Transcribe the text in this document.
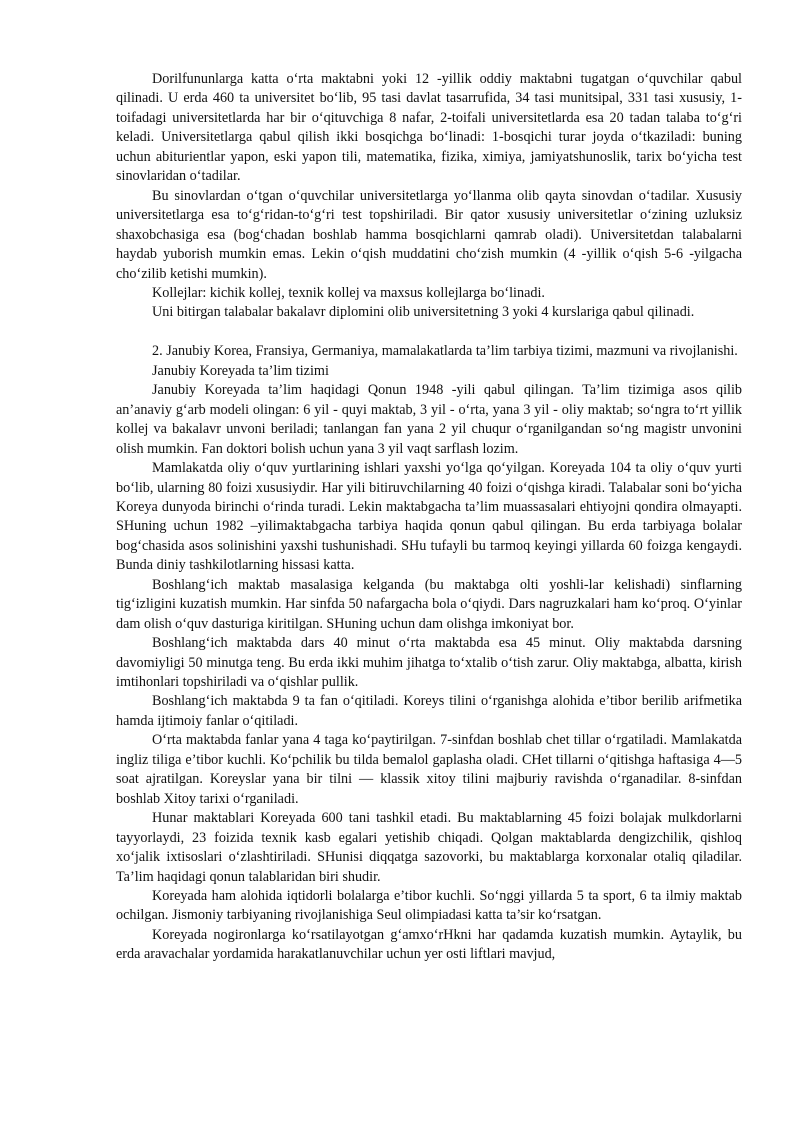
Dorilfununlarga katta o‘rta maktabni yoki 12 -yillik oddiy maktabni tugatgan o‘quvchilar qabul qilinadi. U erda 460 ta universitet bo‘lib, 95 tasi davlat tasarrufida, 34 tasi munitsipal, 331 tasi xususiy, 1-toifadagi universitetlarda har bir o‘qituvchiga 8 nafar, 2-toifali universitetlarda esa 20 tadan talaba to‘g‘ri keladi. Universitetlarga qabul qilish ikki bosqichga bo‘linadi: 1-bosqichi turar joyda o‘tkaziladi: buning uchun abiturientlar yapon, eski yapon tili, matematika, fizika, ximiya, jamiyatshunoslik, tarix bo‘yicha test sinovlaridan o‘tadilar.

Bu sinovlardan o‘tgan o‘quvchilar universitetlarga yo‘llanma olib qayta sinovdan o‘tadilar. Xususiy universitetlarga esa to‘g‘ridan-to‘g‘ri test topshiriladi. Bir qator xususiy universitetlar o‘zining uzluksiz shaxobchasiga esa (bog‘chadan boshlab hamma bosqichlarni qamrab oladi). Universitetdan talabalarni haydab yuborish mumkin emas. Lekin o‘qish muddatini cho‘zish mumkin (4 -yillik o‘qish 5-6 -yilgacha cho‘zilib ketishi mumkin).

Kollejlar: kichik kollej, texnik kollej va maxsus kollejlarga bo‘linadi.

Uni bitirgan talabalar bakalavr diplomini olib universitetning 3 yoki 4 kurslariga qabul qilinadi.

2. Janubiy Korea, Fransiya, Germaniya, mamalakatlarda ta’lim tarbiya tizimi, mazmuni va rivojlanishi.

Janubiy Koreyada ta’lim tizimi

Janubiy Koreyada ta’lim haqidagi Qonun 1948 -yili qabul qilingan. Ta’lim tizimiga asos qilib an’anaviy g‘arb modeli olingan: 6 yil - quyi maktab, 3 yil - o‘rta, yana 3 yil - oliy maktab; so‘ngra to‘rt yillik kollej va bakalavr unvoni beriladi; tanlangan fan yana 2 yil chuqur o‘rganilgandan so‘ng magistr unvonini olish mumkin. Fan doktori bolish uchun yana 3 yil vaqt sarflash lozim.

Mamlakatda oliy o‘quv yurtlarining ishlari yaxshi yo‘lga qo‘yilgan. Koreyada 104 ta oliy o‘quv yurti bo‘lib, ularning 80 foizi xususiydir. Har yili bitiruvchilarning 40 foizi o‘qishga kiradi. Talabalar soni bo‘yicha Koreya dunyoda birinchi o‘rinda turadi. Lekin maktabgacha ta’lim muassasalari ehtiyojni qondira olmayapti. SHuning uchun 1982 –yilimaktabgacha tarbiya haqida qonun qabul qilingan. Bu erda tarbiyaga bolalar bog‘chasida asos solinishini yaxshi tushunishadi. SHu tufayli bu tarmoq keyingi yillarda 60 foizga kengaydi. Bunda diniy tashkilotlarning hissasi katta.

Boshlang‘ich maktab masalasiga kelganda (bu maktabga olti yoshli-lar kelishadi) sinflarning tig‘izligini kuzatish mumkin. Har sinfda 50 nafargacha bola o‘qiydi. Dars nagruzkalari ham ko‘proq. O‘yinlar dam olish o‘quv dasturiga kiritilgan. SHuning uchun dam olishga imkoniyat bor.

Boshlang‘ich maktabda dars 40 minut o‘rta maktabda esa 45 minut. Oliy maktabda darsning davomiyligi 50 minutga teng. Bu erda ikki muhim jihatga to‘xtalib o‘tish zarur. Oliy maktabga, albatta, kirish imtihonlari topshiriladi va o‘qishlar pullik.

Boshlang‘ich maktabda 9 ta fan o‘qitiladi. Koreys tilini o‘rganishga alohida e’tibor berilib arifmetika hamda ijtimoiy fanlar o‘qitiladi.

O‘rta maktabda fanlar yana 4 taga ko‘paytirilgan. 7-sinfdan boshlab chet tillar o‘rgatiladi. Mamlakatda ingliz tiliga e’tibor kuchli. Ko‘pchilik bu tilda bemalol gaplasha oladi. CHet tillarni o‘qitishga haftasiga 4—5 soat ajratilgan. Koreyslar yana bir tilni — klassik xitoy tilini majburiy ravishda o‘rganadilar. 8-sinfdan boshlab Xitoy tarixi o‘rganiladi.

Hunar maktablari Koreyada 600 tani tashkil etadi. Bu maktablarning 45 foizi bolajak mulkdorlarni tayyorlaydi, 23 foizida texnik kasb egalari yetishib chiqadi. Qolgan maktablarda dengizchilik, qishloq xo‘jalik ixtisoslari o‘zlashtiriladi. SHunisi diqqatga sazovorki, bu maktablarga korxonalar otaliq qiladilar. Ta’lim haqidagi qonun talablaridan biri shudir.

Koreyada ham alohida iqtidorli bolalarga e’tibor kuchli. So‘nggi yillarda 5 ta sport, 6 ta ilmiy maktab ochilgan. Jismoniy tarbiyaning rivojlanishiga Seul olimpiadasi katta ta’sir ko‘rsatgan.

Koreyada nogironlarga ko‘rsatilayotgan g‘amxo‘rHkni har qadamda kuzatish mumkin. Aytaylik, bu erda aravachalar yordamida harakatlanuvchilar uchun yer osti liftlari mavjud,
